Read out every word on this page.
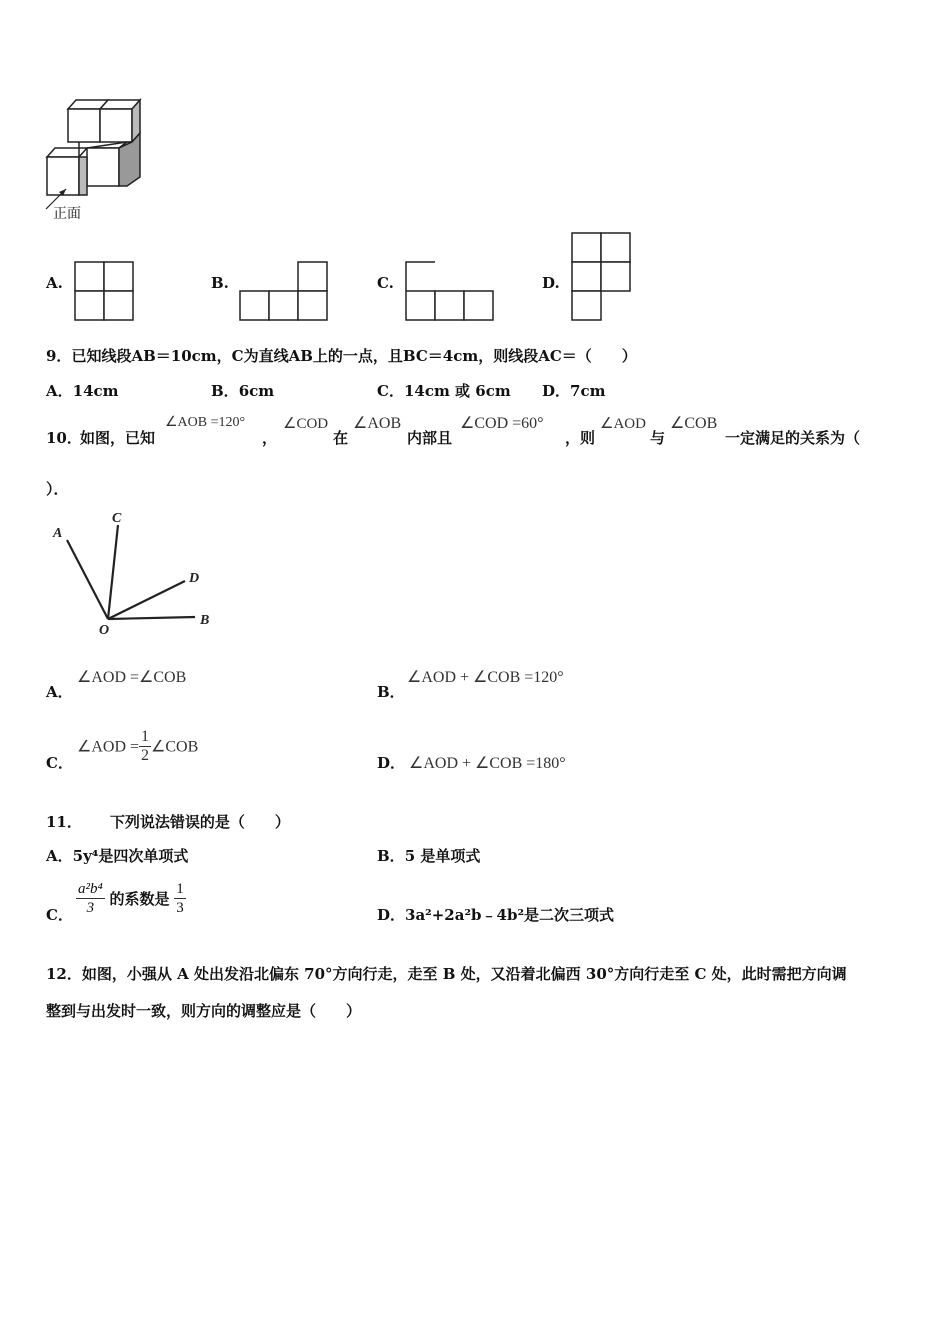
正面
A.	B.	C.	D.
9．已知线段AB＝10cm，C为直线AB上的一点，且BC＝4cm，则线段AC＝（　　）
A．14cm	B．6cm	C．14cm 或 6cm D．7cm
10．
如图，已知
∠AOB =120°
，
∠COD
在
∠AOB
内部且
∠COD =60°
，则
∠AOD
与
∠COB
一定满足的关系为（
）．
A
C
D
B
O
A．
∠AOD =∠COB
B．
∠AOD + ∠COB =120°
C．
∠AOD = $\frac{1}{2}$ ∠COB
D． ∠AOD + ∠COB =180°
11． 下列说法错误的是（　　）
A．5y⁴是四次单项式	B．5 是单项式
C． $\frac{\text{a²b⁴}}{3}$ 的系数是 $\frac{1}{3}$	D．3a²+2a²b﹣4b²是二次三项式
12．如图，小强从 A 处出发沿北偏东 70°方向行走，走至 B 处，又沿着北偏西 30°方向行走至 C 处，此时需把方向调
整到与出发时一致，则方向的调整应是（　　）
